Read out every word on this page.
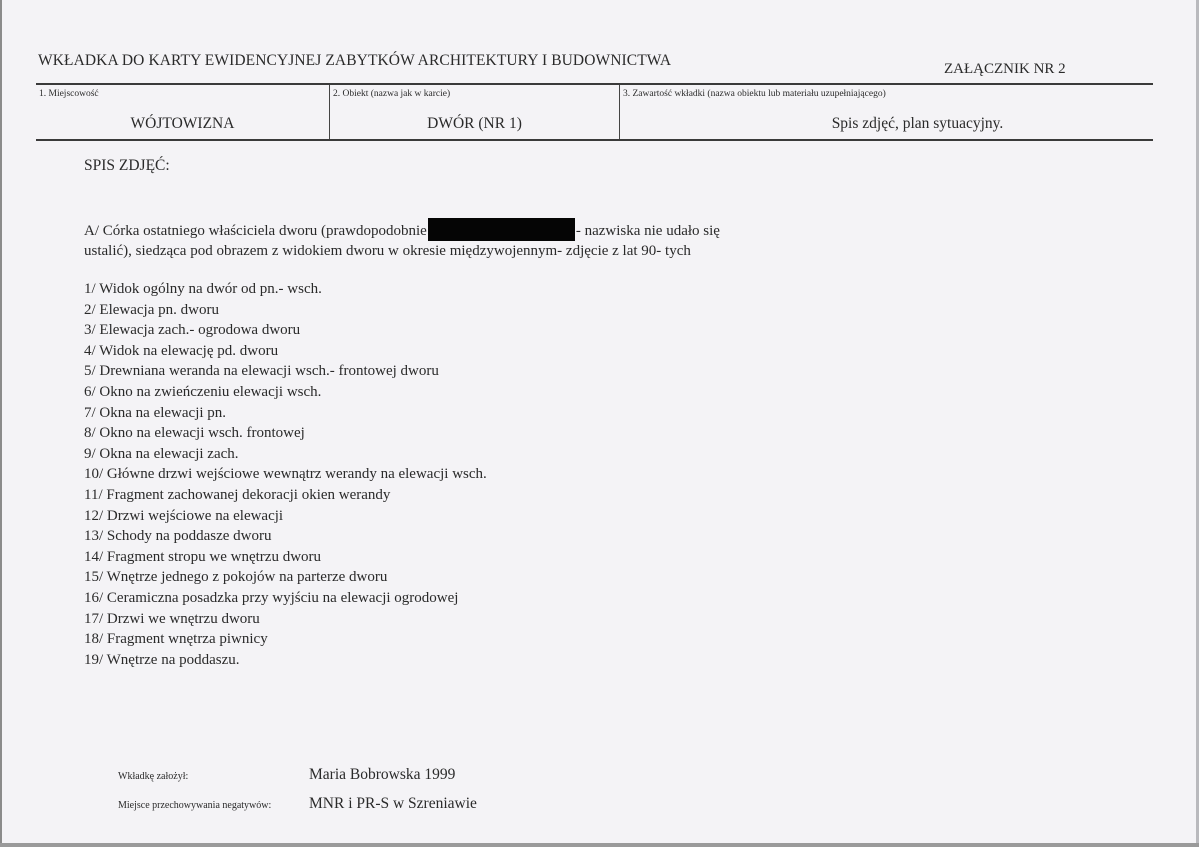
WKŁADKA DO KARTY EWIDENCYJNEJ ZABYTKÓW ARCHITEKTURY I BUDOWNICTWA	ZAŁĄCZNIK NR 2
1. Miejscowość	2. Obiekt (nazwa jak w karcie)	3. Zawartość wkładki (nazwa obiektu lub materiału uzupełniającego)
WÓJTOWIZNA	DWÓR (NR 1)	Spis zdjęć, plan sytuacyjny.
SPIS ZDJĘĆ:
A/ Córka ostatniego właściciela dworu (prawdopodobnie	- nazwiska nie udało się
ustalić), siedząca pod obrazem z widokiem dworu w okresie międzywojennym- zdjęcie z lat 90- tych
1/ Widok ogólny na dwór od pn.- wsch.
2/ Elewacja pn. dworu
3/ Elewacja zach.- ogrodowa dworu
4/ Widok na elewację pd. dworu
5/ Drewniana weranda na elewacji wsch.- frontowej dworu
6/ Okno na zwieńczeniu elewacji wsch.
7/ Okna na elewacji pn.
8/ Okno na elewacji wsch. frontowej
9/ Okna na elewacji zach.
10/ Główne drzwi wejściowe wewnątrz werandy na elewacji wsch.
11/ Fragment zachowanej dekoracji okien werandy
12/ Drzwi wejściowe na elewacji
13/ Schody na poddasze dworu
14/ Fragment stropu we wnętrzu dworu
15/ Wnętrze jednego z pokojów na parterze dworu
16/ Ceramiczna posadzka przy wyjściu na elewacji ogrodowej
17/ Drzwi we wnętrzu dworu
18/ Fragment wnętrza piwnicy
19/ Wnętrze na poddaszu.
Wkładkę założył:	Maria Bobrowska 1999
Miejsce przechowywania negatywów: MNR i PR-S w Szreniawie
